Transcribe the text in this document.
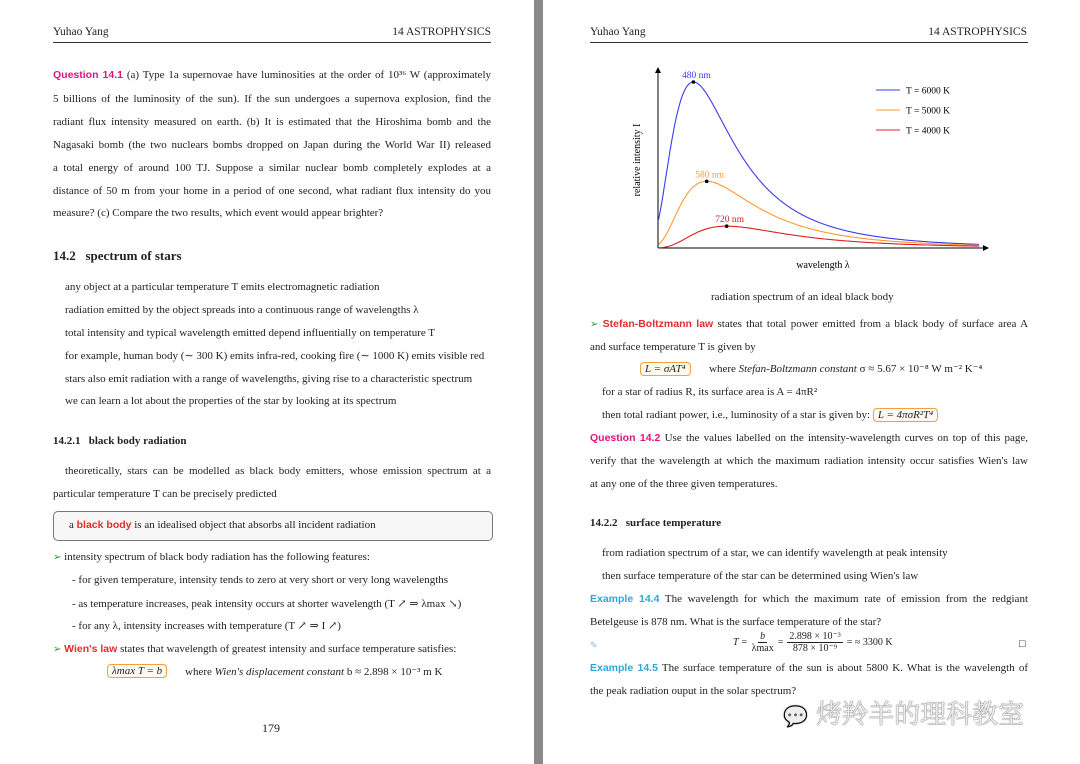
Yuhao Yang	14 ASTROPHYSICS
Question 14.1 (a) Type 1a supernovae have luminosities at the order of 10³⁶ W (approximately
5 billions of the luminosity of the sun). If the sun undergoes a supernova explosion, find the
radiant flux intensity measured on earth. (b) It is estimated that the Hiroshima bomb and the
Nagasaki bomb (the two nuclears bombs dropped on Japan during the World War II) released
a total energy of around 100 TJ. Suppose a similar nuclear bomb completely explodes at a
distance of 50 m from your home in a period of one second, what radiant flux intensity do you
measure? (c) Compare the two results, which event would appear brighter?
14.2 spectrum of stars
any object at a particular temperature T emits electromagnetic radiation
radiation emitted by the object spreads into a continuous range of wavelengths λ
total intensity and typical wavelength emitted depend influentially on temperature T
for example, human body (∼ 300 K) emits infra-red, cooking fire (∼ 1000 K) emits visible red
stars also emit radiation with a range of wavelengths, giving rise to a characteristic spectrum
we can learn a lot about the properties of the star by looking at its spectrum
14.2.1 black body radiation
theoretically, stars can be modelled as black body emitters, whose emission spectrum at a
particular temperature T can be precisely predicted
a black body is an idealised object that absorbs all incident radiation
➢ intensity spectrum of black body radiation has the following features:
- for given temperature, intensity tends to zero at very short or very long wavelengths
- as temperature increases, peak intensity occurs at shorter wavelength (T ↗ ⇒ λmax ↘)
- for any λ, intensity increases with temperature (T ↗ ⇒ I ↗)
➢ Wien's law states that wavelength of greatest intensity and surface temperature satisfies:
λmax T = b	where Wien's displacement constant b ≈ 2.898 × 10⁻³ m K
179
Yuhao Yang	14 ASTROPHYSICS
480 nm
T = 6000 K
580 nm
T = 5000 K
720 nm
T = 4000 K
wavelength λ
relative intensity I
radiation spectrum of an ideal black body
➢ Stefan-Boltzmann law states that total power emitted from a black body of surface area A
and surface temperature T is given by
L = σAT⁴	where Stefan-Boltzmann constant σ ≈ 5.67 × 10⁻⁸ W m⁻² K⁻⁴
for a star of radius R, its surface area is A = 4πR²
then total radiant power, i.e., luminosity of a star is given by: L = 4πσR²T⁴
Question 14.2 Use the values labelled on the intensity-wavelength curves on top of this page,
verify that the wavelength at which the maximum radiation intensity occur satisfies Wien's law
at any one of the three given temperatures.
14.2.2 surface temperature
from radiation spectrum of a star, we can identify wavelength at peak intensity
then surface temperature of the star can be determined using Wien's law
Example 14.4 The wavelength for which the maximum rate of emission from the redgiant
Betelgeuse is 878 nm. What is the surface temperature of the star?
✎	T =
b
λmax
= $\frac{\text{2.898 × 10⁻³}}{\text{878 × 10⁻⁹}}$ = ≈ 3300 K	□
Example 14.5 The surface temperature of the sun is about 5800 K. What is the wavelength of
the peak radiation ouput in the solar spectrum?
💬 烤羚羊的理科教室
